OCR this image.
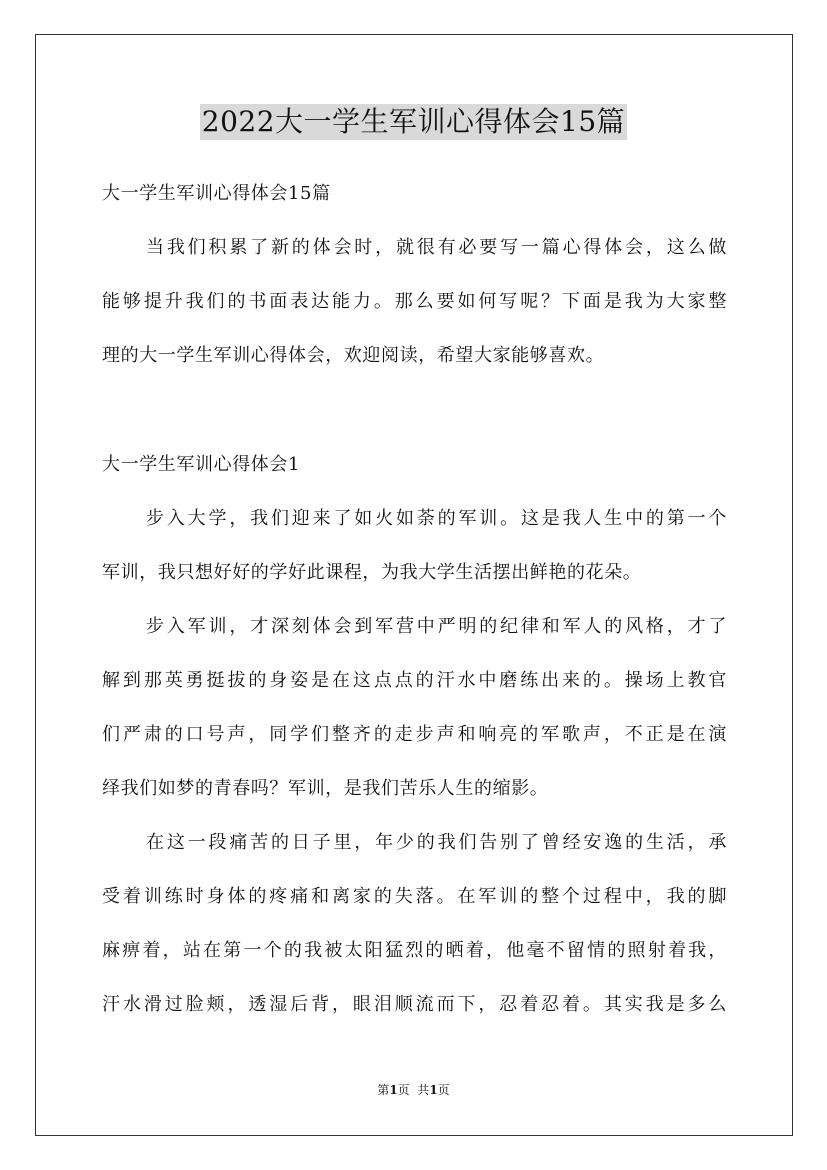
2022大一学生军训心得体会15篇
大一学生军训心得体会15篇
当我们积累了新的体会时，就很有必要写一篇心得体会，这么做
能够提升我们的书面表达能力。那么要如何写呢？下面是我为大家整
理的大一学生军训心得体会，欢迎阅读，希望大家能够喜欢。
大一学生军训心得体会1
步入大学，我们迎来了如火如荼的军训。这是我人生中的第一个
军训，我只想好好的学好此课程，为我大学生活摆出鲜艳的花朵。
步入军训，才深刻体会到军营中严明的纪律和军人的风格，才了
解到那英勇挺拔的身姿是在这点点的汗水中磨练出来的。操场上教官
们严肃的口号声，同学们整齐的走步声和响亮的军歌声，不正是在演
绎我们如梦的青春吗？军训，是我们苦乐人生的缩影。
在这一段痛苦的日子里，年少的我们告别了曾经安逸的生活，承
受着训练时身体的疼痛和离家的失落。在军训的整个过程中，我的脚
麻痹着，站在第一个的我被太阳猛烈的晒着，他毫不留情的照射着我，
汗水滑过脸颊，透湿后背，眼泪顺流而下，忍着忍着。其实我是多么
第1页  共1页
